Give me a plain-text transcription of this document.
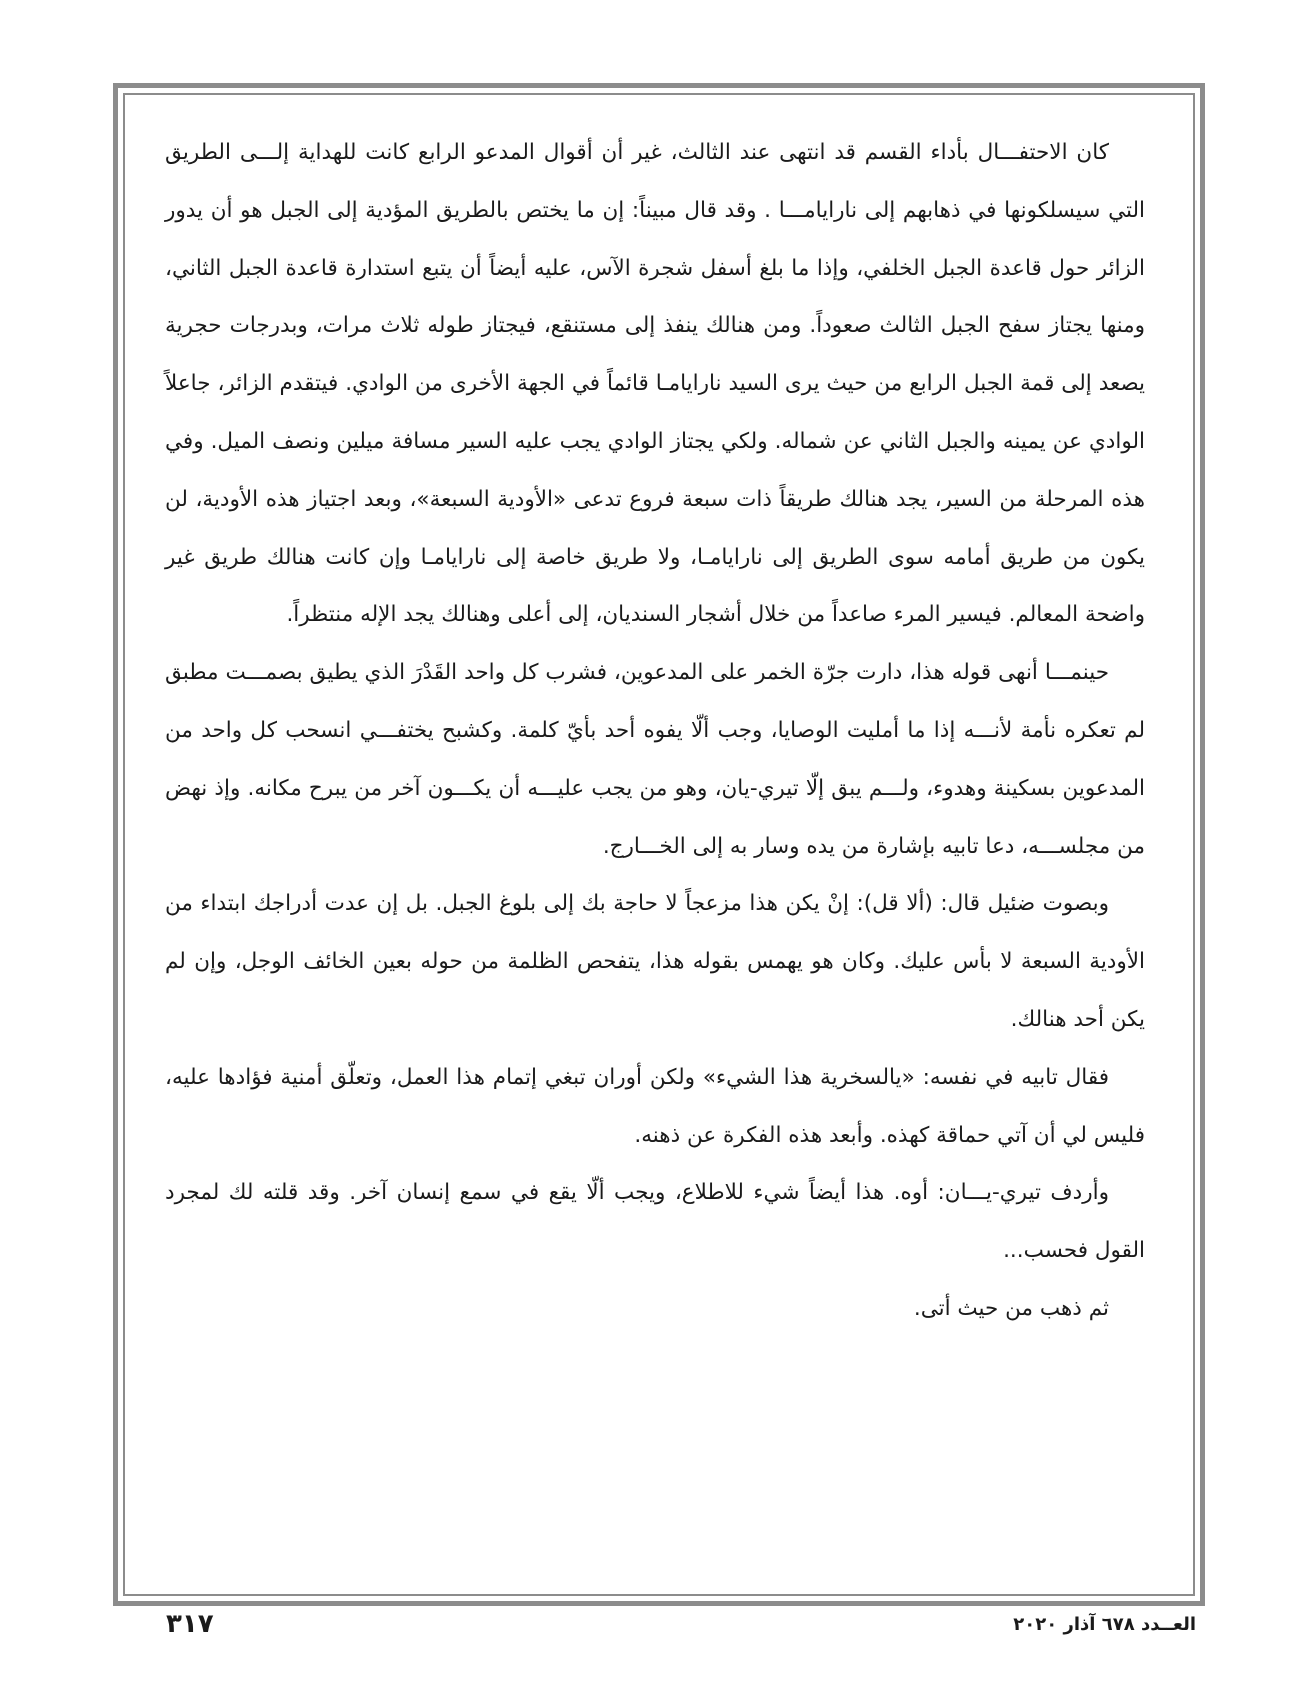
كان الاحتفـــال بأداء القسم قد انتهى عند الثالث، غير أن أقوال المدعو الرابع كانت للهداية إلـــى الطريق التي سيسلكونها في ذهابهم إلى نارايامـــا . وقد قال مبيناً: إن ما يختص بالطريق المؤدية إلى الجبل هو أن يدور الزائر حول قاعدة الجبل الخلفي، وإذا ما بلغ أسفل شجرة الآس، عليه أيضاً أن يتبع استدارة قاعدة الجبل الثاني، ومنها يجتاز سفح الجبل الثالث صعوداً. ومن هنالك ينفذ إلى مستنقع، فيجتاز طوله ثلاث مرات، وبدرجات حجرية يصعد إلى قمة الجبل الرابع من حيث يرى السيد نارايامـا قائماً في الجهة الأخرى من الوادي. فيتقدم الزائر، جاعلاً الوادي عن يمينه والجبل الثاني عن شماله. ولكي يجتاز الوادي يجب عليه السير مسافة ميلين ونصف الميل. وفي هذه المرحلة من السير، يجد هنالك طريقاً ذات سبعة فروع تدعى «الأودية السبعة»، وبعد اجتياز هذه الأودية، لن يكون من طريق أمامه سوى الطريق إلى نارايامـا، ولا طريق خاصة إلى نارايامـا وإن كانت هنالك طريق غير واضحة المعالم. فيسير المرء صاعداً من خلال أشجار السنديان، إلى أعلى وهنالك يجد الإله منتظراً.

حينمـــا أنهى قوله هذا، دارت جرّة الخمر على المدعوين، فشرب كل واحد القَدْرَ الذي يطيق بصمـــت مطبق لم تعكره نأمة لأنـــه إذا ما أمليت الوصايا، وجب ألّا يفوه أحد بأيّ كلمة. وكشبح يختفـــي انسحب كل واحد من المدعوين بسكينة وهدوء، ولـــم يبق إلّا تيري-يان، وهو من يجب عليـــه أن يكـــون آخر من يبرح مكانه. وإذ نهض من مجلســـه، دعا تابيه بإشارة من يده وسار به إلى الخـــارج.

وبصوت ضئيل قال: (ألا قل): إنْ يكن هذا مزعجاً لا حاجة بك إلى بلوغ الجبل. بل إن عدت أدراجك ابتداء من الأودية السبعة لا بأس عليك. وكان هو يهمس بقوله هذا، يتفحص الظلمة من حوله بعين الخائف الوجل، وإن لم يكن أحد هنالك.

فقال تابيه في نفسه: «يالسخرية هذا الشيء» ولكن أوران تبغي إتمام هذا العمل، وتعلّق أمنية فؤادها عليه، فليس لي أن آتي حماقة كهذه. وأبعد هذه الفكرة عن ذهنه.

وأردف تيري-يـــان: أوه. هذا أيضاً شيء للاطلاع، ويجب ألّا يقع في سمع إنسان آخر. وقد قلته لك لمجرد القول فحسب...

ثم ذهب من حيث أتى.

٣١٧	العــدد ٦٧٨ آذار ٢٠٢٠
